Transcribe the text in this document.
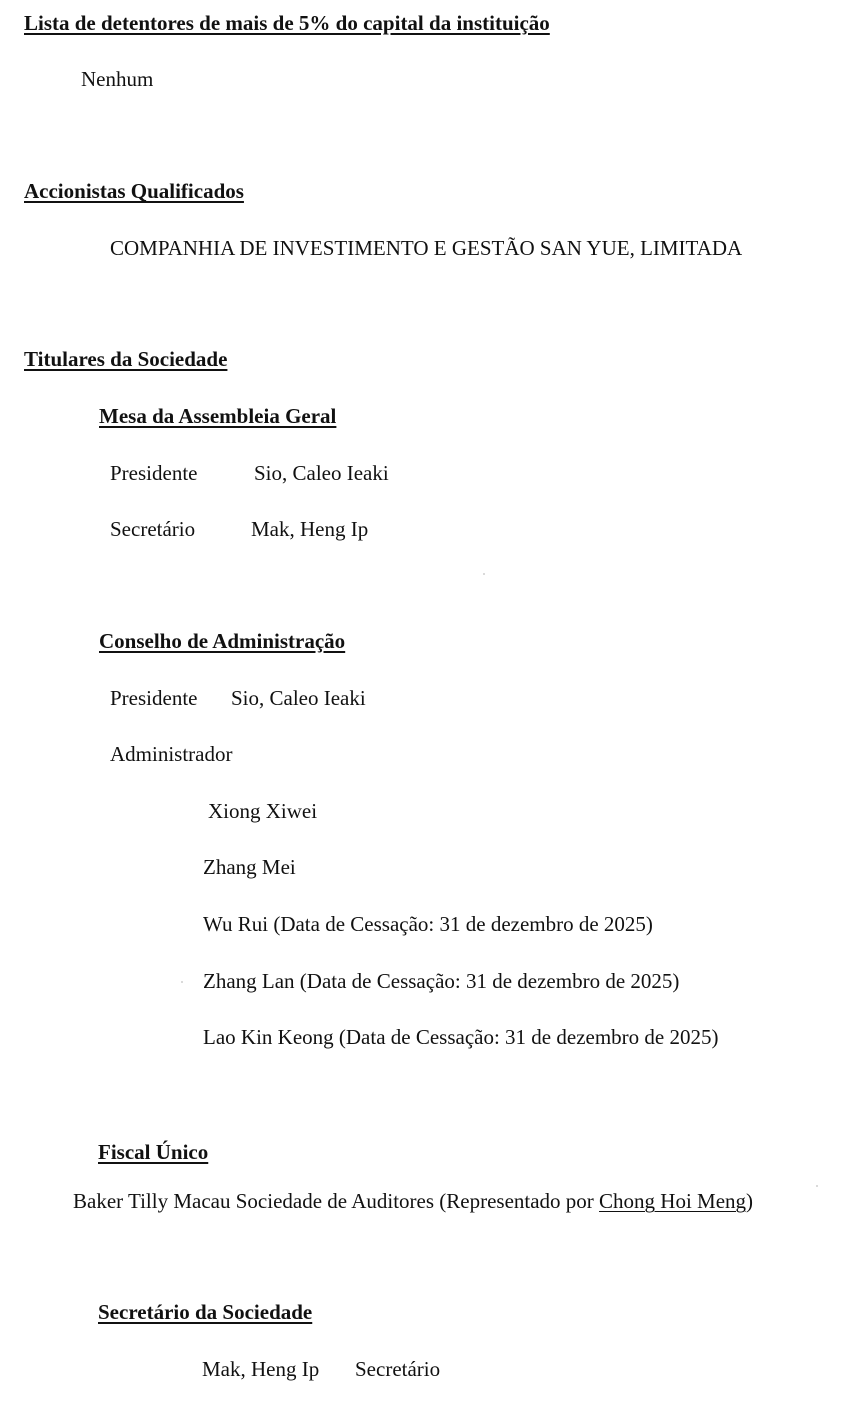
Lista de detentores de mais de 5% do capital da instituição
Nenhum
Accionistas Qualificados
COMPANHIA DE INVESTIMENTO E GESTÃO SAN YUE, LIMITADA
Titulares da Sociedade
Mesa da Assembleia Geral
Presidente	Sio, Caleo Ieaki
Secretário	Mak, Heng Ip
Conselho de Administração
Presidente Sio, Caleo Ieaki
Administrador
Xiong Xiwei
Zhang Mei
Wu Rui (Data de Cessação: 31 de dezembro de 2025)
Zhang Lan (Data de Cessação: 31 de dezembro de 2025)
Lao Kin Keong (Data de Cessação: 31 de dezembro de 2025)
Fiscal Único
Baker Tilly Macau Sociedade de Auditores (Representado por Chong Hoi Meng)
Secretário da Sociedade
Mak, Heng Ip Secretário
